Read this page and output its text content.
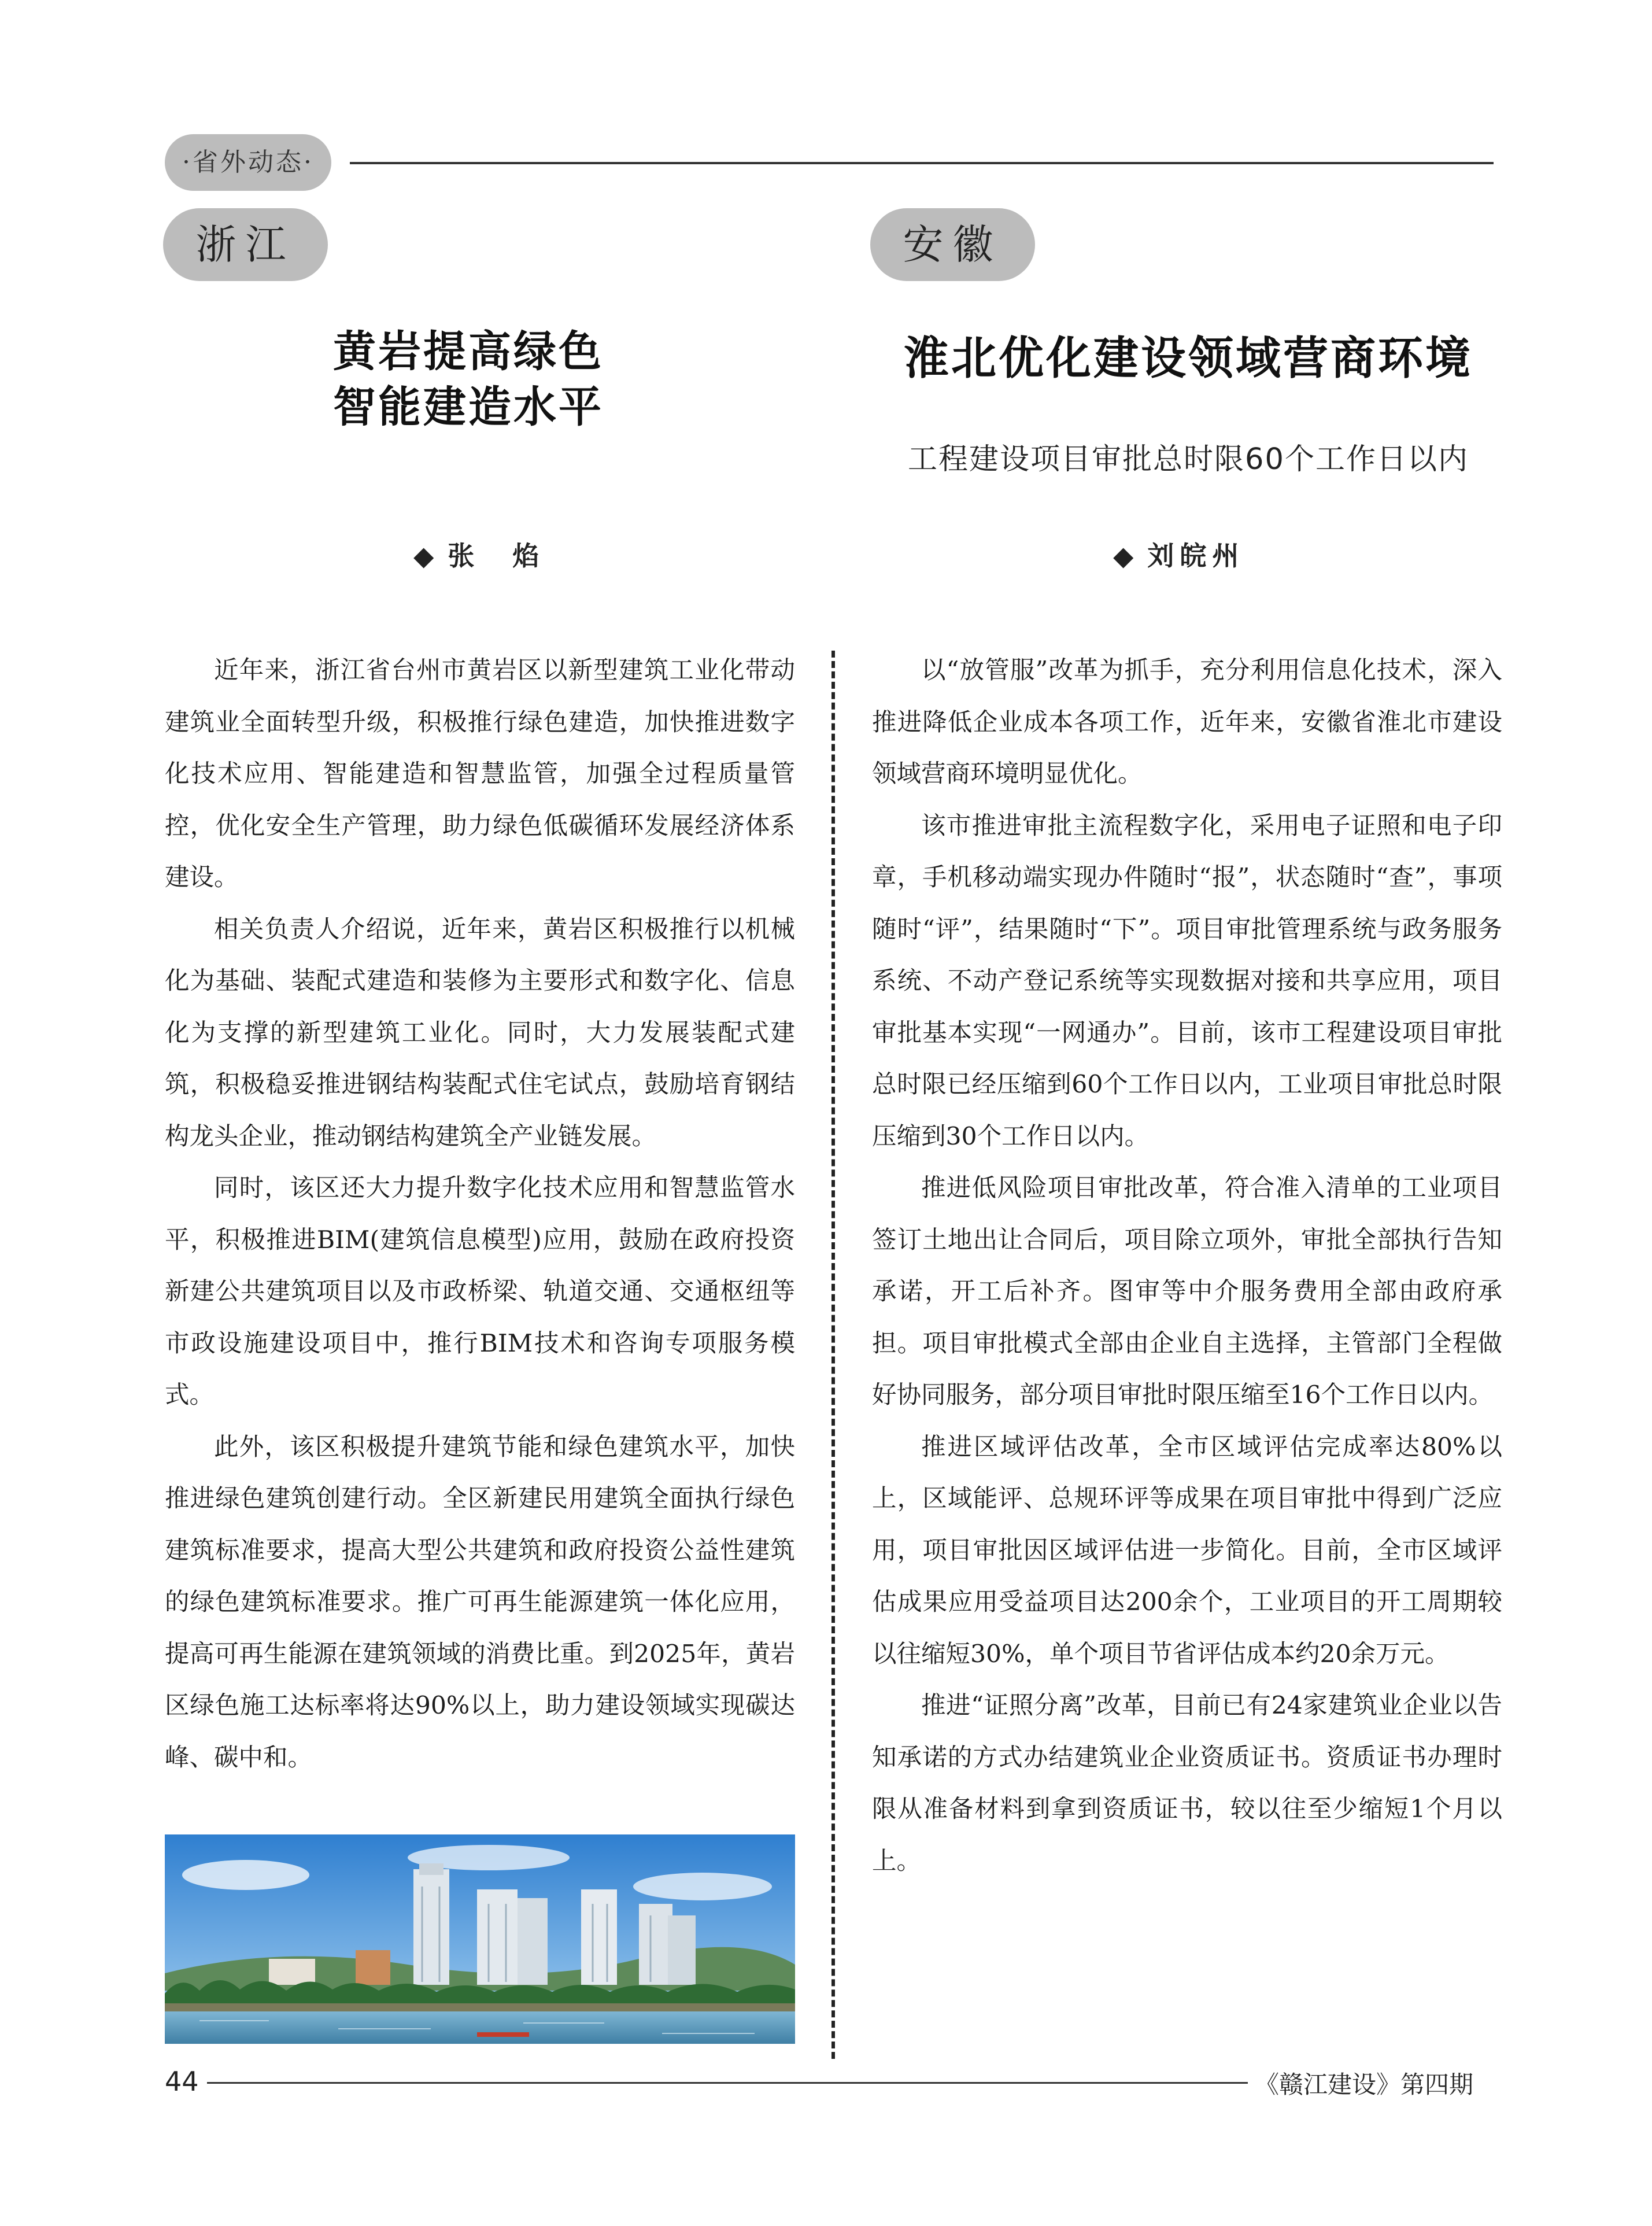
·省外动态·
浙江	安徽
黄岩提高绿色
智能建造水平
淮北优化建设领域营商环境
工程建设项目审批总时限60个工作日以内
◆ 张　焰	◆ 刘皖州

近年来，浙江省台州市黄岩区以新型建筑工业化带动建筑业全面转型升级，积极推行绿色建造，加快推进数字化技术应用、智能建造和智慧监管，加强全过程质量管控，优化安全生产管理，助力绿色低碳循环发展经济体系建设。

相关负责人介绍说，近年来，黄岩区积极推行以机械化为基础、装配式建造和装修为主要形式和数字化、信息化为支撑的新型建筑工业化。同时，大力发展装配式建筑，积极稳妥推进钢结构装配式住宅试点，鼓励培育钢结构龙头企业，推动钢结构建筑全产业链发展。

同时，该区还大力提升数字化技术应用和智慧监管水平，积极推进BIM(建筑信息模型)应用，鼓励在政府投资新建公共建筑项目以及市政桥梁、轨道交通、交通枢纽等市政设施建设项目中，推行BIM技术和咨询专项服务模式。

此外，该区积极提升建筑节能和绿色建筑水平，加快推进绿色建筑创建行动。全区新建民用建筑全面执行绿色建筑标准要求，提高大型公共建筑和政府投资公益性建筑的绿色建筑标准要求。推广可再生能源建筑一体化应用，提高可再生能源在建筑领域的消费比重。到2025年，黄岩区绿色施工达标率将达90%以上，助力建设领域实现碳达峰、碳中和。

以“放管服”改革为抓手，充分利用信息化技术，深入推进降低企业成本各项工作，近年来，安徽省淮北市建设领域营商环境明显优化。

该市推进审批主流程数字化，采用电子证照和电子印章，手机移动端实现办件随时“报”，状态随时“查”，事项随时“评”，结果随时“下”。项目审批管理系统与政务服务系统、不动产登记系统等实现数据对接和共享应用，项目审批基本实现“一网通办”。目前，该市工程建设项目审批总时限已经压缩到60个工作日以内，工业项目审批总时限压缩到30个工作日以内。

推进低风险项目审批改革，符合准入清单的工业项目签订土地出让合同后，项目除立项外，审批全部执行告知承诺，开工后补齐。图审等中介服务费用全部由政府承担。项目审批模式全部由企业自主选择，主管部门全程做好协同服务，部分项目审批时限压缩至16个工作日以内。

推进区域评估改革，全市区域评估完成率达80%以上，区域能评、总规环评等成果在项目审批中得到广泛应用，项目审批因区域评估进一步简化。目前，全市区域评估成果应用受益项目达200余个，工业项目的开工周期较以往缩短30%，单个项目节省评估成本约20余万元。

推进“证照分离”改革，目前已有24家建筑业企业以告知承诺的方式办结建筑业企业资质证书。资质证书办理时限从准备材料到拿到资质证书，较以往至少缩短1个月以上。

44	《赣江建设》第四期
